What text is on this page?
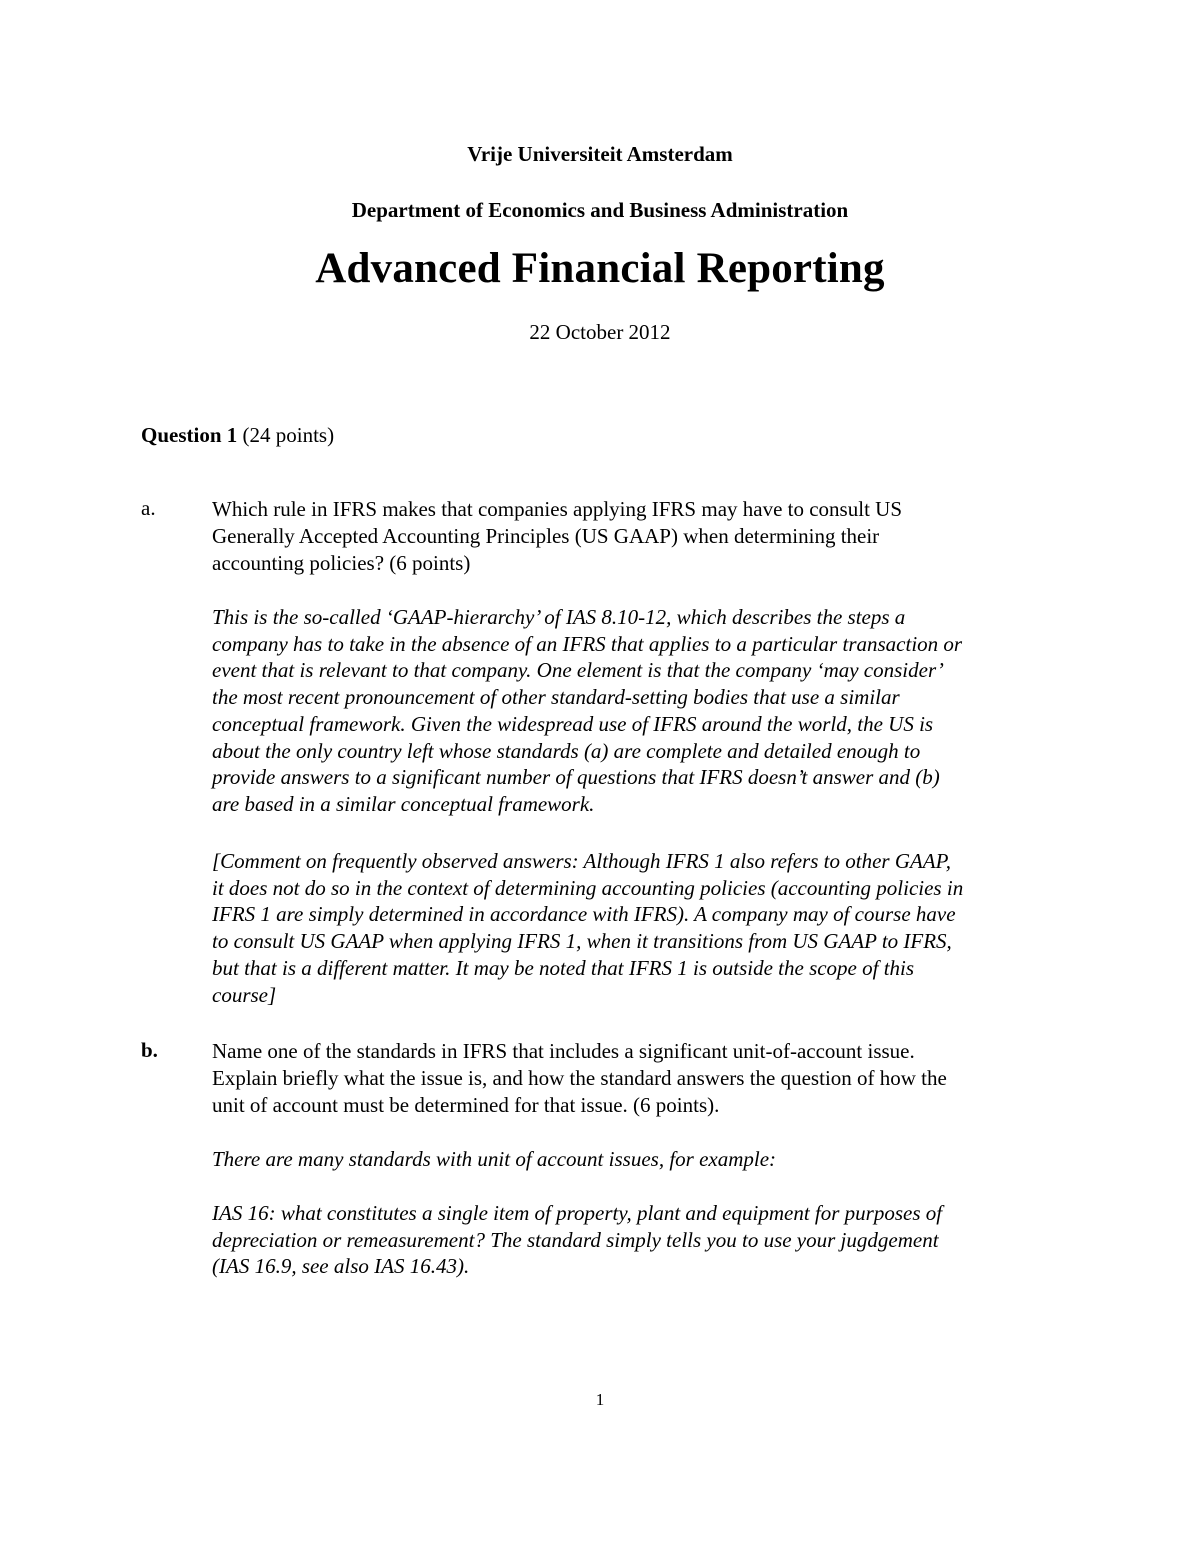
Vrije Universiteit Amsterdam
Department of Economics and Business Administration
Advanced Financial Reporting
22 October 2012
Question 1 (24 points)
a.	Which rule in IFRS makes that companies applying IFRS may have to consult US
Generally Accepted Accounting Principles (US GAAP) when determining their
accounting policies? (6 points)
This is the so-called ‘GAAP-hierarchy’ of IAS 8.10-12, which describes the steps a
company has to take in the absence of an IFRS that applies to a particular transaction or
event that is relevant to that company. One element is that the company ‘may consider’
the most recent pronouncement of other standard-setting bodies that use a similar
conceptual framework. Given the widespread use of IFRS around the world, the US is
about the only country left whose standards (a) are complete and detailed enough to
provide answers to a significant number of questions that IFRS doesn’t answer and (b)
are based in a similar conceptual framework.
[Comment on frequently observed answers: Although IFRS 1 also refers to other GAAP,
it does not do so in the context of determining accounting policies (accounting policies in
IFRS 1 are simply determined in accordance with IFRS). A company may of course have
to consult US GAAP when applying IFRS 1, when it transitions from US GAAP to IFRS,
but that is a different matter. It may be noted that IFRS 1 is outside the scope of this
course]
b.	Name one of the standards in IFRS that includes a significant unit-of-account issue.
Explain briefly what the issue is, and how the standard answers the question of how the
unit of account must be determined for that issue. (6 points).
There are many standards with unit of account issues, for example:
IAS 16: what constitutes a single item of property, plant and equipment for purposes of
depreciation or remeasurement? The standard simply tells you to use your jugdgement
(IAS 16.9, see also IAS 16.43).
1
